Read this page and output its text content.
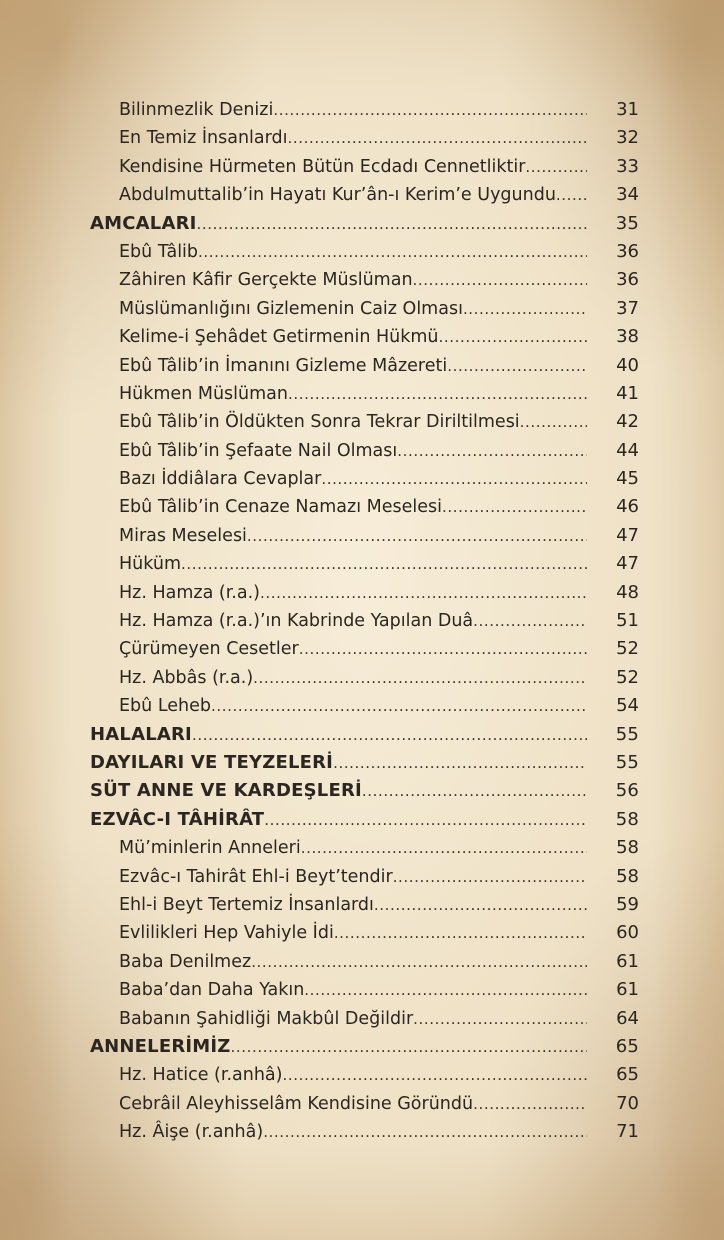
Bilinmezlik Denizi .....	31
En Temiz İnsanlardı .....	32
Kendisine Hürmeten Bütün Ecdadı Cennetliktir .....	33
Abdulmuttalib’in Hayatı Kur’ân-ı Kerim’e Uygundu .....	34
AMCALARI .....	35
Ebû Tâlib .....	36
Zâhiren Kâfir Gerçekte Müslüman .....	36
Müslümanlığını Gizlemenin Caiz Olması .....	37
Kelime-i Şehâdet Getirmenin Hükmü .....	38
Ebû Tâlib’in İmanını Gizleme Mâzereti .....	40
Hükmen Müslüman .....	41
Ebû Tâlib’in Öldükten Sonra Tekrar Diriltilmesi .....	42
Ebû Tâlib’in Şefaate Nail Olması .....	44
Bazı İddiâlara Cevaplar .....	45
Ebû Tâlib’in Cenaze Namazı Meselesi .....	46
Miras Meselesi .....	47
Hüküm .....	47
Hz. Hamza (r.a.) .....	48
Hz. Hamza (r.a.)’ın Kabrinde Yapılan Duâ .....	51
Çürümeyen Cesetler .....	52
Hz. Abbâs (r.a.) .....	52
Ebû Leheb .....	54
HALALARI .....	55
DAYILARI VE TEYZELERİ .....	55
SÜT ANNE VE KARDEŞLERİ .....	56
EZVÂC-I TÂHİRÂT .....	58
Mü’minlerin Anneleri .....	58
Ezvâc-ı Tahirât Ehl-i Beyt’tendir .....	58
Ehl-i Beyt Tertemiz İnsanlardı .....	59
Evlilikleri Hep Vahiyle İdi .....	60
Baba Denilmez .....	61
Baba’dan Daha Yakın .....	61
Babanın Şahidliği Makbûl Değildir .....	64
ANNELERİMİZ .....	65
Hz. Hatice (r.anhâ) .....	65
Cebrâil Aleyhisselâm Kendisine Göründü .....	70
Hz. Âişe (r.anhâ) .....	71
